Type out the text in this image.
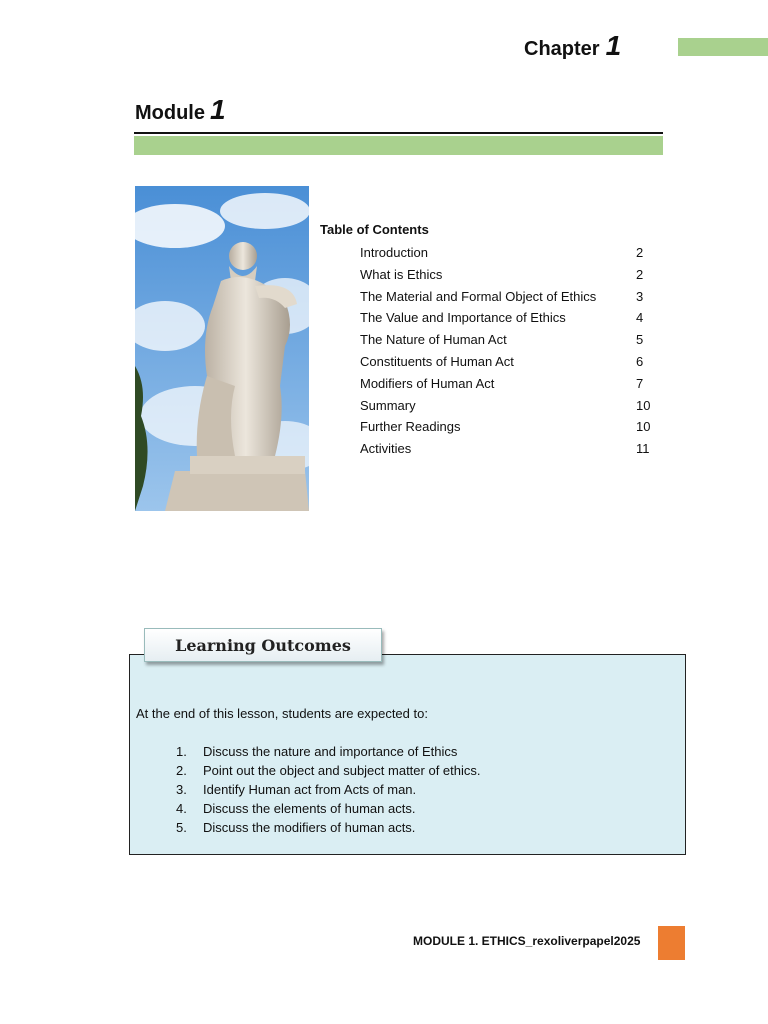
Chapter 1
Module 1
Table of Contents
Introduction	2
What is Ethics	2
The Material and Formal Object of Ethics	3
The Value and Importance of Ethics	4
The Nature of Human Act	5
Constituents of Human Act	6
Modifiers of Human Act	7
Summary	10
Further Readings	10
Activities	11
Learning Outcomes
At the end of this lesson, students are expected to:
1.	Discuss the nature and importance of Ethics
2.	Point out the object and subject matter of ethics.
3.	Identify Human act from Acts of man.
4.	Discuss the elements of human acts.
5.	Discuss the modifiers of human acts.
MODULE 1. ETHICS_rexoliverpapel2025
